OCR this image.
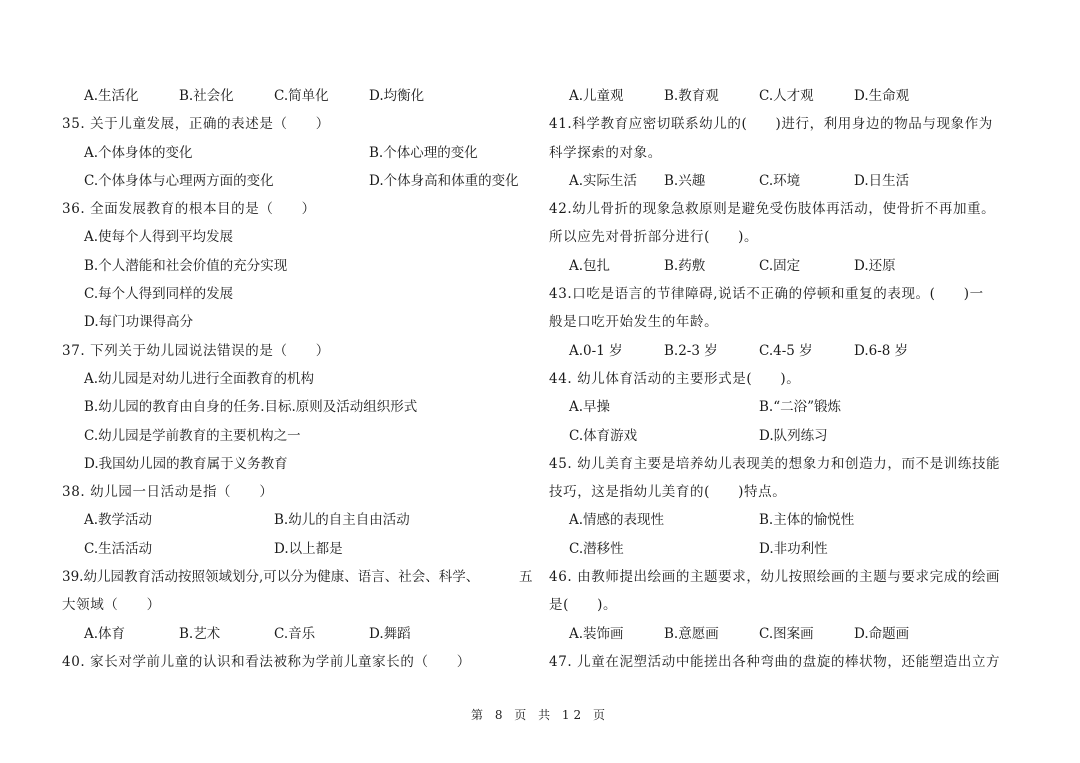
A.生活化	B.社会化	C.简单化	D.均衡化
35. 关于儿童发展，正确的表述是（　　）
A.个体身体的变化	B.个体心理的变化
C.个体身体与心理两方面的变化	D.个体身高和体重的变化
36. 全面发展教育的根本目的是（　　）
A.使每个人得到平均发展
B.个人潜能和社会价值的充分实现
C.每个人得到同样的发展
D.每门功课得高分
37. 下列关于幼儿园说法错误的是（　　）
A.幼儿园是对幼儿进行全面教育的机构
B.幼儿园的教育由自身的任务.目标.原则及活动组织形式
C.幼儿园是学前教育的主要机构之一
D.我国幼儿园的教育属于义务教育
38. 幼儿园一日活动是指（　　）
A.教学活动	B.幼儿的自主自由活动
C.生活活动	D.以上都是
39.幼儿园教育活动按照领域划分,可以分为健康、语言、社会、科学、	五
大领域（　　）
A.体育	B.艺术	C.音乐	D.舞蹈
40. 家长对学前儿童的认识和看法被称为学前儿童家长的（　　）
A.儿童观	B.教育观	C.人才观	D.生命观
41.科学教育应密切联系幼儿的(　　)进行，利用身边的物品与现象作为
科学探索的对象。
A.实际生活 B.兴趣	C.环境	D.日生活
42.幼儿骨折的现象急救原则是避免受伤肢体再活动，使骨折不再加重。
所以应先对骨折部分进行(　　)。
A.包扎	B.药敷	C.固定	D.还原
43.口吃是语言的节律障碍,说话不正确的停顿和重复的表现。(　　)一
般是口吃开始发生的年龄。
A.0-1 岁	B.2-3 岁	C.4-5 岁	D.6-8 岁
44. 幼儿体育活动的主要形式是(　　)。
A.早操	B.“二浴”锻炼
C.体育游戏	D.队列练习
45. 幼儿美育主要是培养幼儿表现美的想象力和创造力，而不是训练技能
技巧，这是指幼儿美育的(　　)特点。
A.情感的表现性	B.主体的愉悦性
C.潜移性	D.非功利性
46. 由教师提出绘画的主题要求，幼儿按照绘画的主题与要求完成的绘画
是(　　)。
A.装饰画	B.意愿画	C.图案画	D.命题画
47. 儿童在泥塑活动中能搓出各种弯曲的盘旋的棒状物，还能塑造出立方
第 8 页 共 12 页
